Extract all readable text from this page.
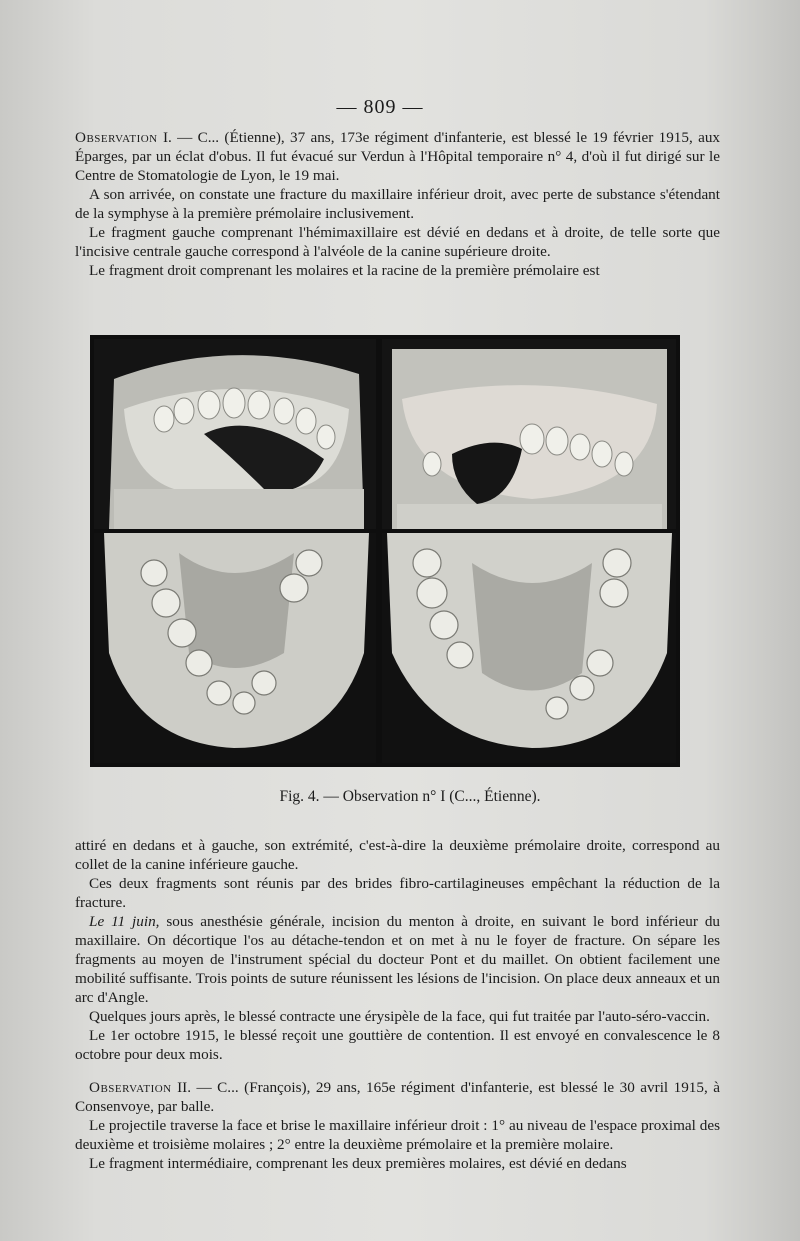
— 809 —

Observation I. — C... (Étienne), 37 ans, 173e régiment d'infanterie, est blessé le 19 février 1915, aux Éparges, par un éclat d'obus. Il fut évacué sur Verdun à l'Hôpital temporaire n° 4, d'où il fut dirigé sur le Centre de Stomatologie de Lyon, le 19 mai.

A son arrivée, on constate une fracture du maxillaire inférieur droit, avec perte de substance s'étendant de la symphyse à la première prémolaire inclusivement.

Le fragment gauche comprenant l'hémimaxillaire est dévié en dedans et à droite, de telle sorte que l'incisive centrale gauche correspond à l'alvéole de la canine supérieure droite.

Le fragment droit comprenant les molaires et la racine de la première prémolaire est

Fig. 4. — Observation n° I (C..., Étienne).

attiré en dedans et à gauche, son extrémité, c'est-à-dire la deuxième prémolaire droite, correspond au collet de la canine inférieure gauche.

Ces deux fragments sont réunis par des brides fibro-cartilagineuses empêchant la réduction de la fracture.

Le 11 juin, sous anesthésie générale, incision du menton à droite, en suivant le bord inférieur du maxillaire. On décortique l'os au détache-tendon et on met à nu le foyer de fracture. On sépare les fragments au moyen de l'instrument spécial du docteur Pont et du maillet. On obtient facilement une mobilité suffisante. Trois points de suture réunissent les lésions de l'incision. On place deux anneaux et un arc d'Angle.

Quelques jours après, le blessé contracte une érysipèle de la face, qui fut traitée par l'auto-séro-vaccin.

Le 1er octobre 1915, le blessé reçoit une gouttière de contention. Il est envoyé en convalescence le 8 octobre pour deux mois.

Observation II. — C... (François), 29 ans, 165e régiment d'infanterie, est blessé le 30 avril 1915, à Consenvoye, par balle.

Le projectile traverse la face et brise le maxillaire inférieur droit : 1° au niveau de l'espace proximal des deuxième et troisième molaires ; 2° entre la deuxième prémolaire et la première molaire.

Le fragment intermédiaire, comprenant les deux premières molaires, est dévié en dedans
